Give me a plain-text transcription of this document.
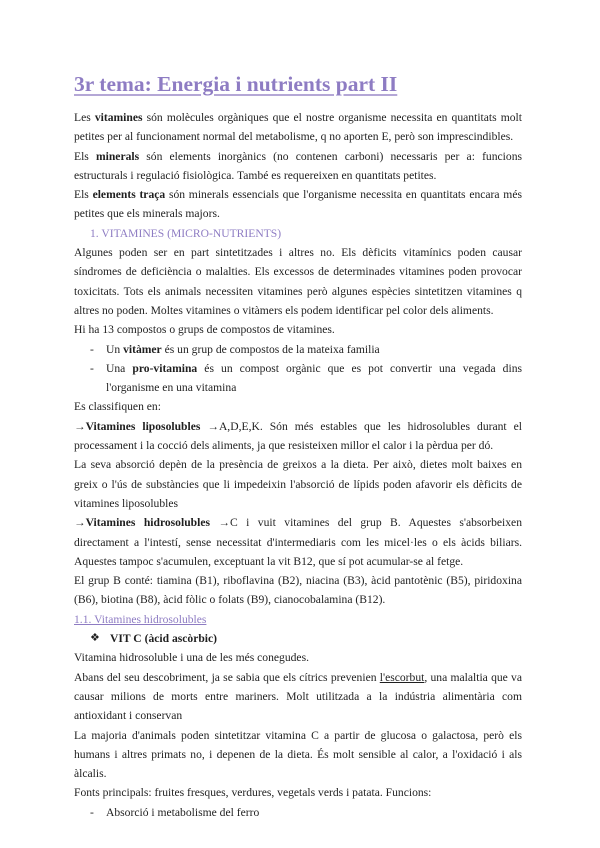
3r tema: Energia i nutrients part II

Les vitamines són molècules orgàniques que el nostre organisme necessita en quantitats molt petites per al funcionament normal del metabolisme, q no aporten E, però son imprescindibles.

Els minerals són elements inorgànics (no contenen carboni) necessaris per a: funcions estructurals i regulació fisiològica. També es requereixen en quantitats petites.

Els elements traça són minerals essencials que l'organisme necessita en quantitats encara més petites que els minerals majors.

1. VITAMINES (MICRO-NUTRIENTS)

Algunes poden ser en part sintetitzades i altres no. Els dèficits vitamínics poden causar síndromes de deficiència o malalties. Els excessos de determinades vitamines poden provocar toxicitats. Tots els animals necessiten vitamines però algunes espècies sintetitzen vitamines q altres no poden. Moltes vitamines o vitàmers els podem identificar pel color dels aliments.

Hi ha 13 compostos o grups de compostos de vitamines.

- Un vitàmer és un grup de compostos de la mateixa familia
- Una pro-vitamina és un compost orgànic que es pot convertir una vegada dins l'organisme en una vitamina

Es classifiquen en:

→Vitamines liposolubles →A,D,E,K. Són més estables que les hidrosolubles durant el processament i la cocció dels aliments, ja que resisteixen millor el calor i la pèrdua per dó.

La seva absorció depèn de la presència de greixos a la dieta. Per això, dietes molt baixes en greix o l'ús de substàncies que li impedeixin l'absorció de lípids poden afavorir els dèficits de vitamines liposolubles

→Vitamines hidrosolubles →C i vuit vitamines del grup B. Aquestes s'absorbeixen directament a l'intestí, sense necessitat d'intermediaris com les micel·les o els àcids biliars. Aquestes tampoc s'acumulen, exceptuant la vit B12, que sí pot acumular-se al fetge.

El grup B conté: tiamina (B1), riboflavina (B2), niacina (B3), àcid pantotènic (B5), piridoxina (B6), biotina (B8), àcid fòlic o folats (B9), cianocobalamina (B12).

1.1. Vitamines hidrosolubles
❖ VIT C (àcid ascòrbic)

Vitamina hidrosoluble i una de les més conegudes.

Abans del seu descobriment, ja se sabia que els cítrics prevenien l'escorbut, una malaltia que va causar milions de morts entre mariners. Molt utilitzada a la indústria alimentària com antioxidant i conservan

La majoria d'animals poden sintetitzar vitamina C a partir de glucosa o galactosa, però els humans i altres primats no, i depenen de la dieta. És molt sensible al calor, a l'oxidació i als àlcalis.

Fonts principals: fruites fresques, verdures, vegetals verds i patata. Funcions:

- Absorció i metabolisme del ferro
